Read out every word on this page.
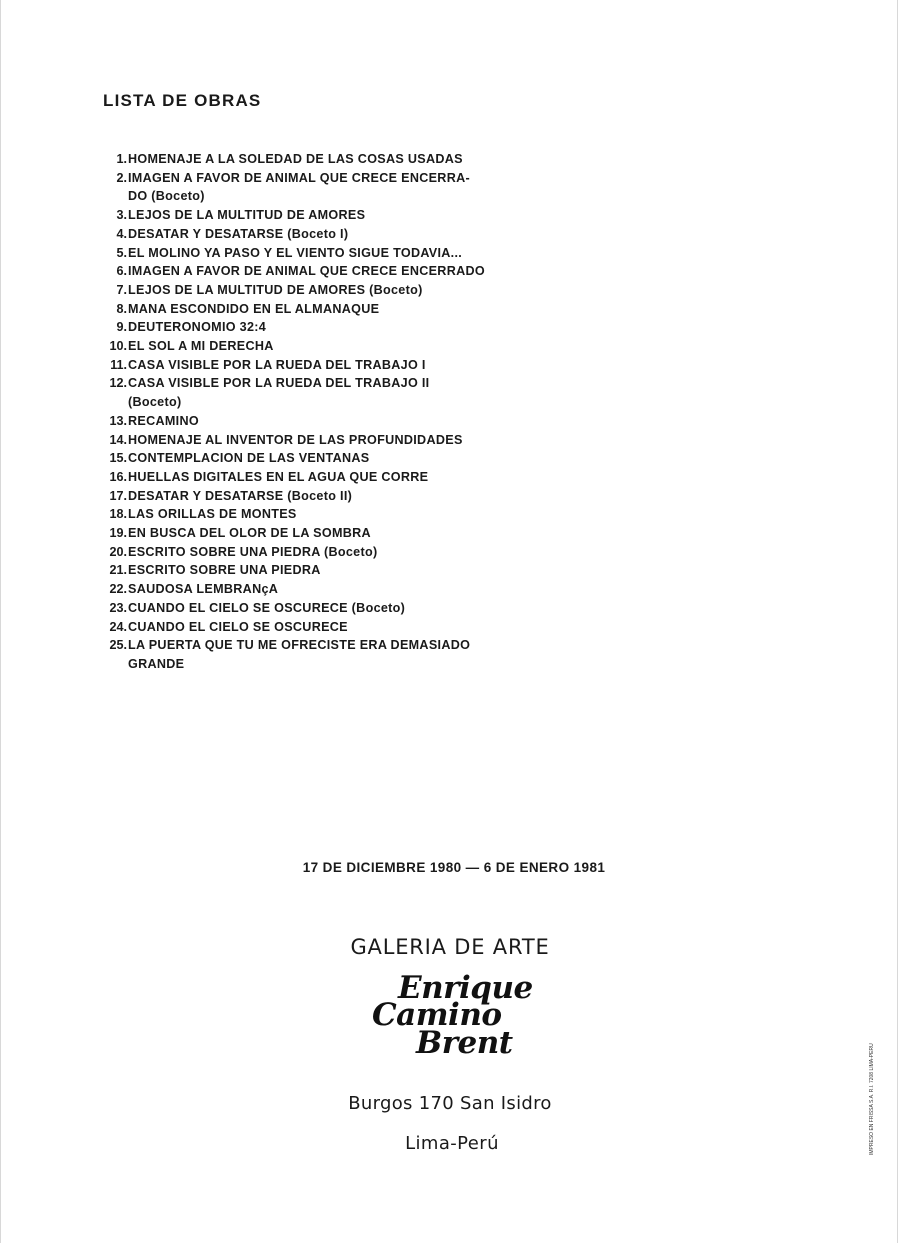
LISTA DE OBRAS
1. HOMENAJE A LA SOLEDAD DE LAS COSAS USADAS
2. IMAGEN A FAVOR DE ANIMAL QUE CRECE ENCERRA-
DO (Boceto)
3. LEJOS DE LA MULTITUD DE AMORES
4. DESATAR Y DESATARSE (Boceto I)
5. EL MOLINO YA PASO Y EL VIENTO SIGUE TODAVIA...
6. IMAGEN A FAVOR DE ANIMAL QUE CRECE ENCERRADO
7. LEJOS DE LA MULTITUD DE AMORES (Boceto)
8. MANA ESCONDIDO EN EL ALMANAQUE
9. DEUTERONOMIO 32:4
10. EL SOL A MI DERECHA
11. CASA VISIBLE POR LA RUEDA DEL TRABAJO I
12. CASA VISIBLE POR LA RUEDA DEL TRABAJO II
(Boceto)
13. RECAMINO
14. HOMENAJE AL INVENTOR DE LAS PROFUNDIDADES
15. CONTEMPLACION DE LAS VENTANAS
16. HUELLAS DIGITALES EN EL AGUA QUE CORRE
17. DESATAR Y DESATARSE (Boceto II)
18. LAS ORILLAS DE MONTES
19. EN BUSCA DEL OLOR DE LA SOMBRA
20. ESCRITO SOBRE UNA PIEDRA (Boceto)
21. ESCRITO SOBRE UNA PIEDRA
22. SAUDOSA LEMBRANçA
23. CUANDO EL CIELO SE OSCURECE (Boceto)
24. CUANDO EL CIELO SE OSCURECE
25. LA PUERTA QUE TU ME OFRECISTE ERA DEMASIADO
GRANDE
17 DE DICIEMBRE 1980 — 6 DE ENERO 1981
GALERIA DE ARTE
Enrique
Camino
Brent
Burgos 170 San Isidro
Lima-Perú	IMPRESO EN FRISSA S.A. R.I. 7208 LIMA-PERU
